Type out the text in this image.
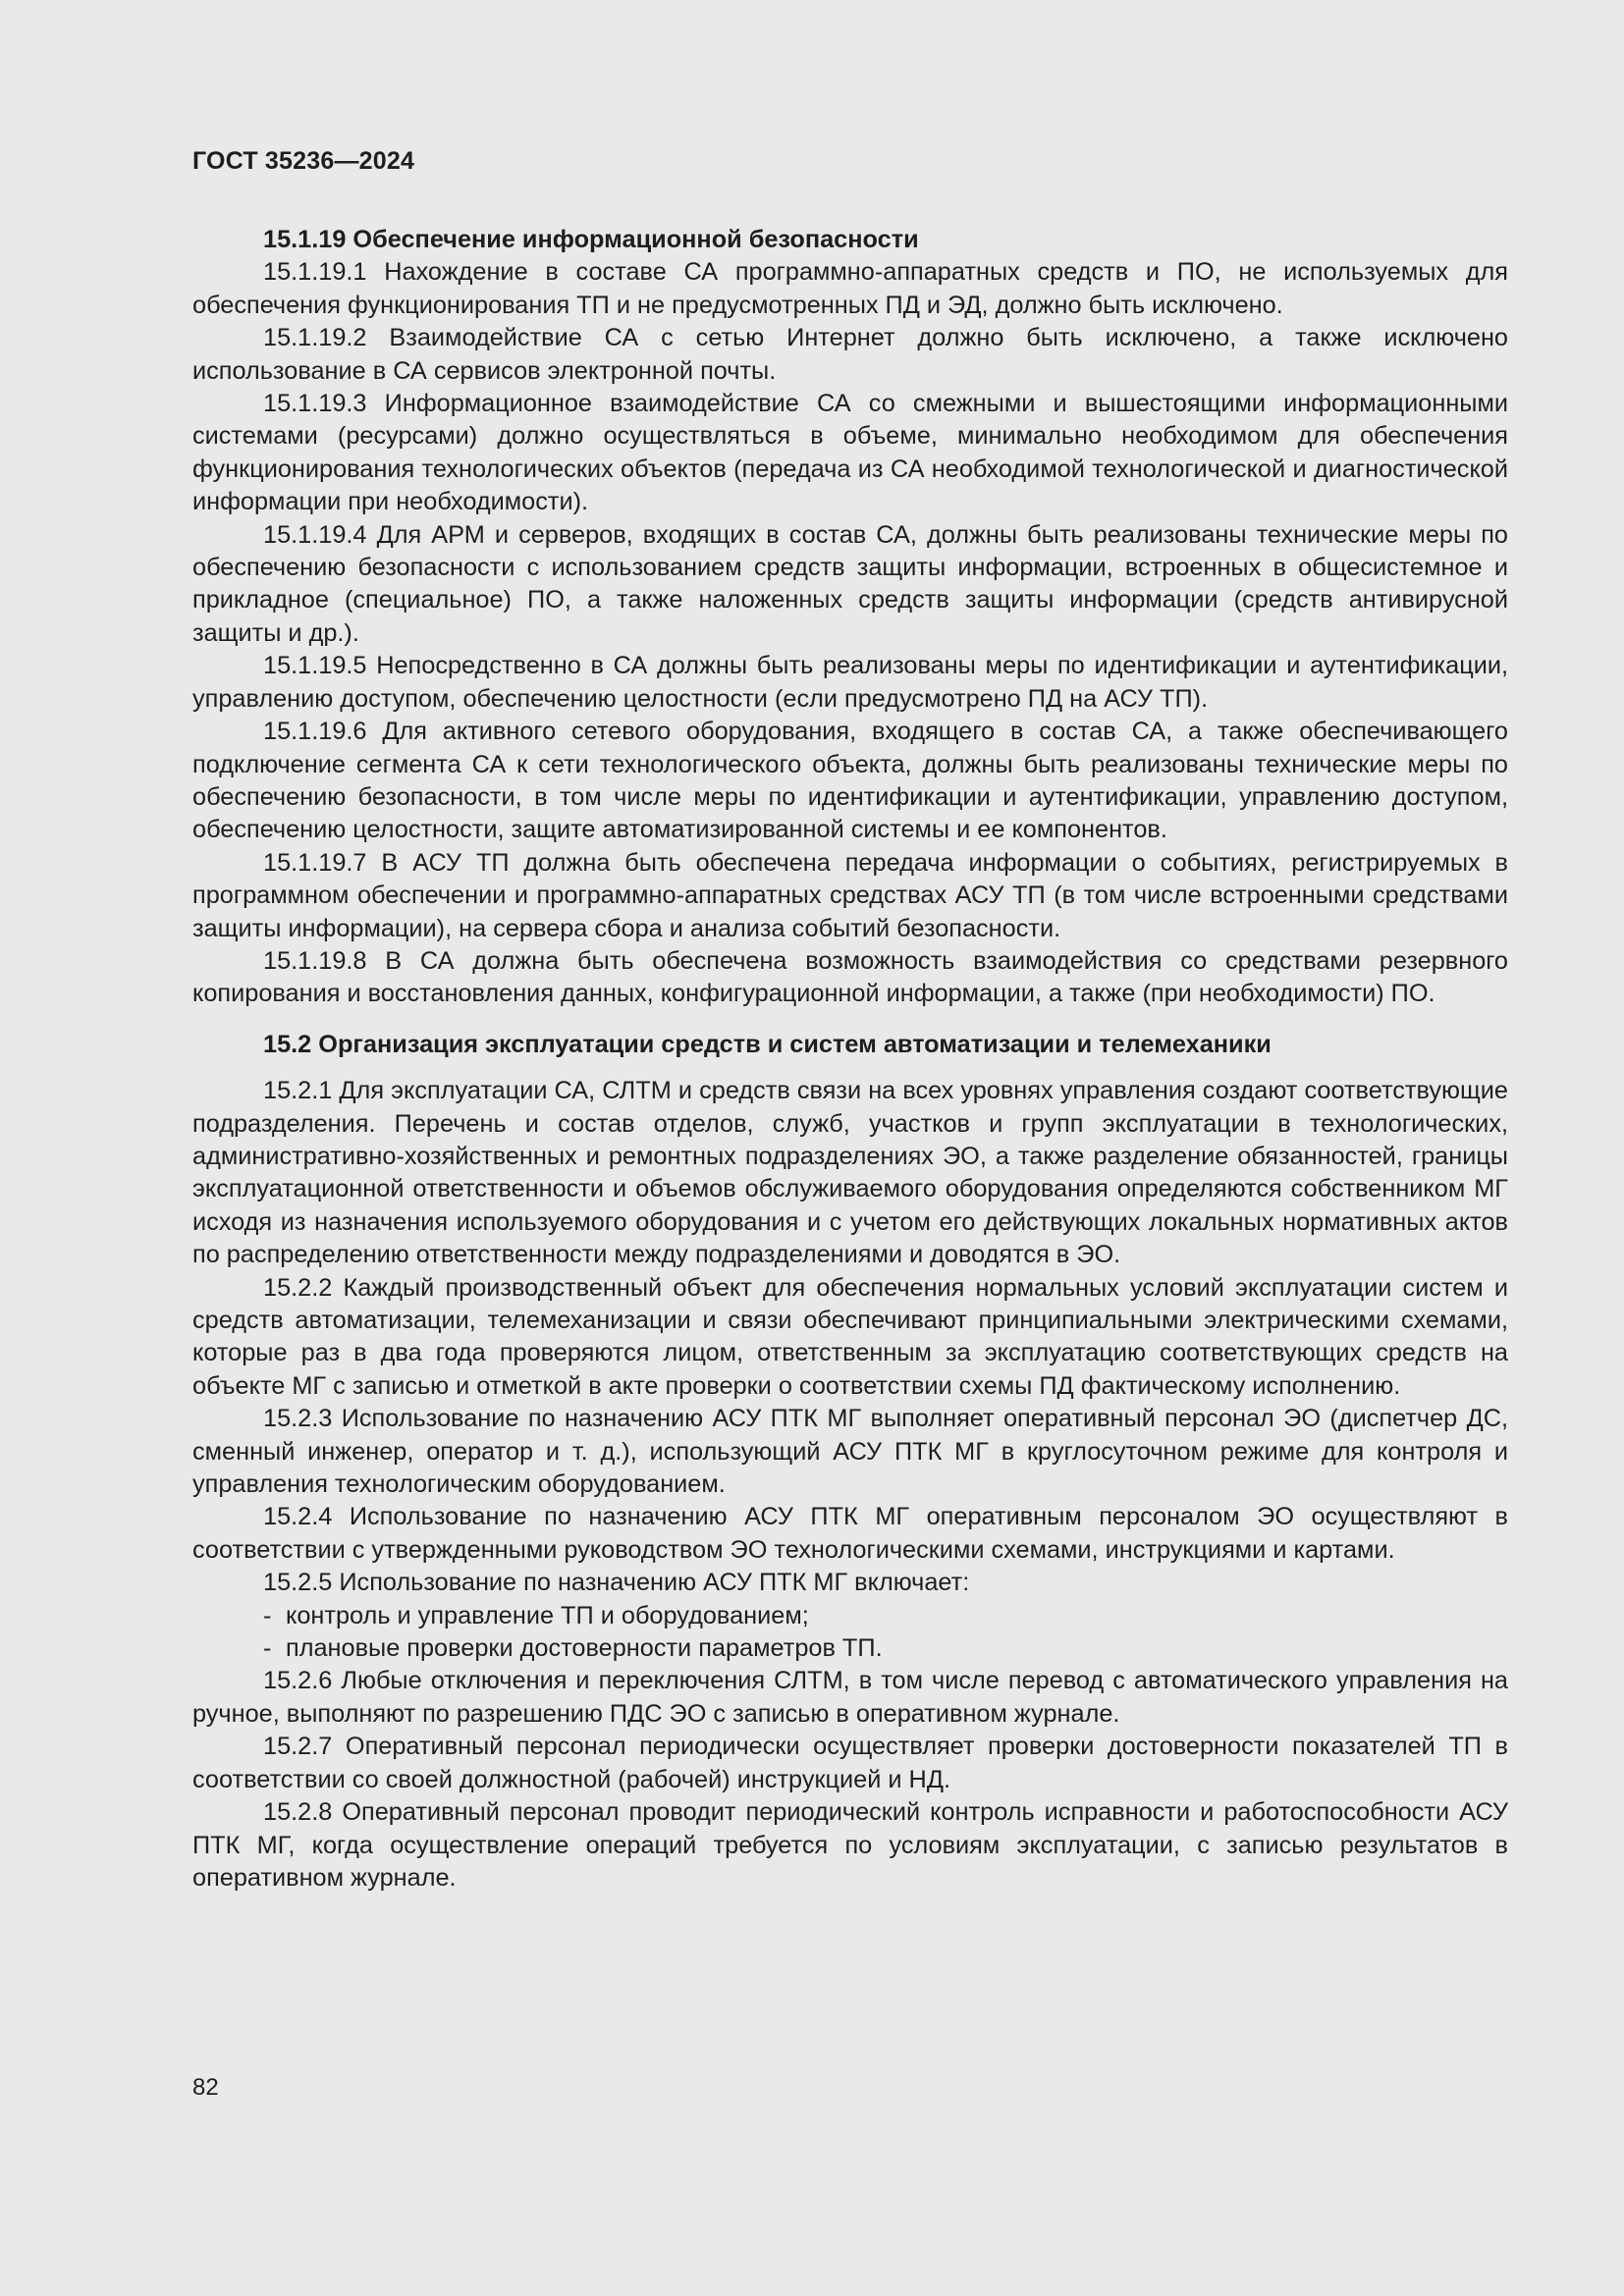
ГОСТ 35236—2024

15.1.19 Обеспечение информационной безопасности

15.1.19.1 Нахождение в составе СА программно-аппаратных средств и ПО, не используемых для обеспечения функционирования ТП и не предусмотренных ПД и ЭД, должно быть исключено.

15.1.19.2 Взаимодействие СА с сетью Интернет должно быть исключено, а также исключено использование в СА сервисов электронной почты.

15.1.19.3 Информационное взаимодействие СА со смежными и вышестоящими информационными системами (ресурсами) должно осуществляться в объеме, минимально необходимом для обеспечения функционирования технологических объектов (передача из СА необходимой технологической и диагностической информации при необходимости).

15.1.19.4 Для АРМ и серверов, входящих в состав СА, должны быть реализованы технические меры по обеспечению безопасности с использованием средств защиты информации, встроенных в общесистемное и прикладное (специальное) ПО, а также наложенных средств защиты информации (средств антивирусной защиты и др.).

15.1.19.5 Непосредственно в СА должны быть реализованы меры по идентификации и аутентификации, управлению доступом, обеспечению целостности (если предусмотрено ПД на АСУ ТП).

15.1.19.6 Для активного сетевого оборудования, входящего в состав СА, а также обеспечивающего подключение сегмента СА к сети технологического объекта, должны быть реализованы технические меры по обеспечению безопасности, в том числе меры по идентификации и аутентификации, управлению доступом, обеспечению целостности, защите автоматизированной системы и ее компонентов.

15.1.19.7 В АСУ ТП должна быть обеспечена передача информации о событиях, регистрируемых в программном обеспечении и программно-аппаратных средствах АСУ ТП (в том числе встроенными средствами защиты информации), на сервера сбора и анализа событий безопасности.

15.1.19.8 В СА должна быть обеспечена возможность взаимодействия со средствами резервного копирования и восстановления данных, конфигурационной информации, а также (при необходимости) ПО.

15.2 Организация эксплуатации средств и систем автоматизации и телемеханики

15.2.1 Для эксплуатации СА, СЛТМ и средств связи на всех уровнях управления создают соответствующие подразделения. Перечень и состав отделов, служб, участков и групп эксплуатации в технологических, административно-хозяйственных и ремонтных подразделениях ЭО, а также разделение обязанностей, границы эксплуатационной ответственности и объемов обслуживаемого оборудования определяются собственником МГ исходя из назначения используемого оборудования и с учетом его действующих локальных нормативных актов по распределению ответственности между подразделениями и доводятся в ЭО.

15.2.2 Каждый производственный объект для обеспечения нормальных условий эксплуатации систем и средств автоматизации, телемеханизации и связи обеспечивают принципиальными электрическими схемами, которые раз в два года проверяются лицом, ответственным за эксплуатацию соответствующих средств на объекте МГ с записью и отметкой в акте проверки о соответствии схемы ПД фактическому исполнению.

15.2.3 Использование по назначению АСУ ПТК МГ выполняет оперативный персонал ЭО (диспетчер ДС, сменный инженер, оператор и т. д.), использующий АСУ ПТК МГ в круглосуточном режиме для контроля и управления технологическим оборудованием.

15.2.4 Использование по назначению АСУ ПТК МГ оперативным персоналом ЭО осуществляют в соответствии с утвержденными руководством ЭО технологическими схемами, инструкциями и картами.

15.2.5 Использование по назначению АСУ ПТК МГ включает:

- контроль и управление ТП и оборудованием;

- плановые проверки достоверности параметров ТП.

15.2.6 Любые отключения и переключения СЛТМ, в том числе перевод с автоматического управления на ручное, выполняют по разрешению ПДС ЭО с записью в оперативном журнале.

15.2.7 Оперативный персонал периодически осуществляет проверки достоверности показателей ТП в соответствии со своей должностной (рабочей) инструкцией и НД.

15.2.8 Оперативный персонал проводит периодический контроль исправности и работоспособности АСУ ПТК МГ, когда осуществление операций требуется по условиям эксплуатации, с записью результатов в оперативном журнале.

82
